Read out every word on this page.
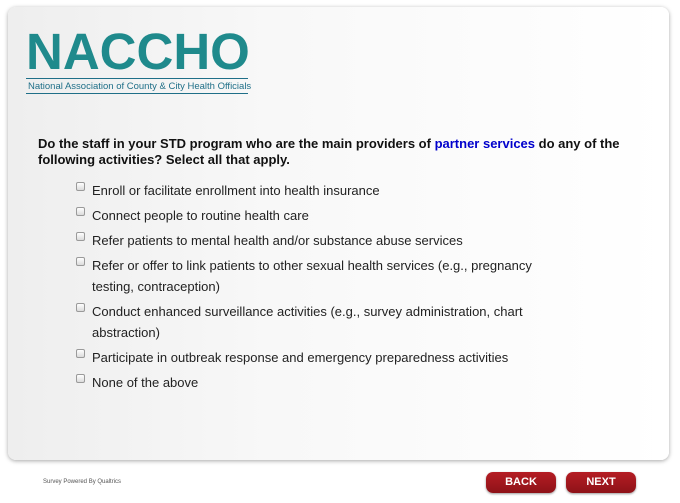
NACCHO
National Association of County & City Health Officials
Do the staff in your STD program who are the main providers of partner services do any of the following activities? Select all that apply.
Enroll or facilitate enrollment into health insurance
Connect people to routine health care
Refer patients to mental health and/or substance abuse services
Refer or offer to link patients to other sexual health services (e.g., pregnancy testing, contraception)
Conduct enhanced surveillance activities (e.g., survey administration, chart abstraction)
Participate in outbreak response and emergency preparedness activities
None of the above
Survey Powered By Qualtrics	BACK	NEXT
